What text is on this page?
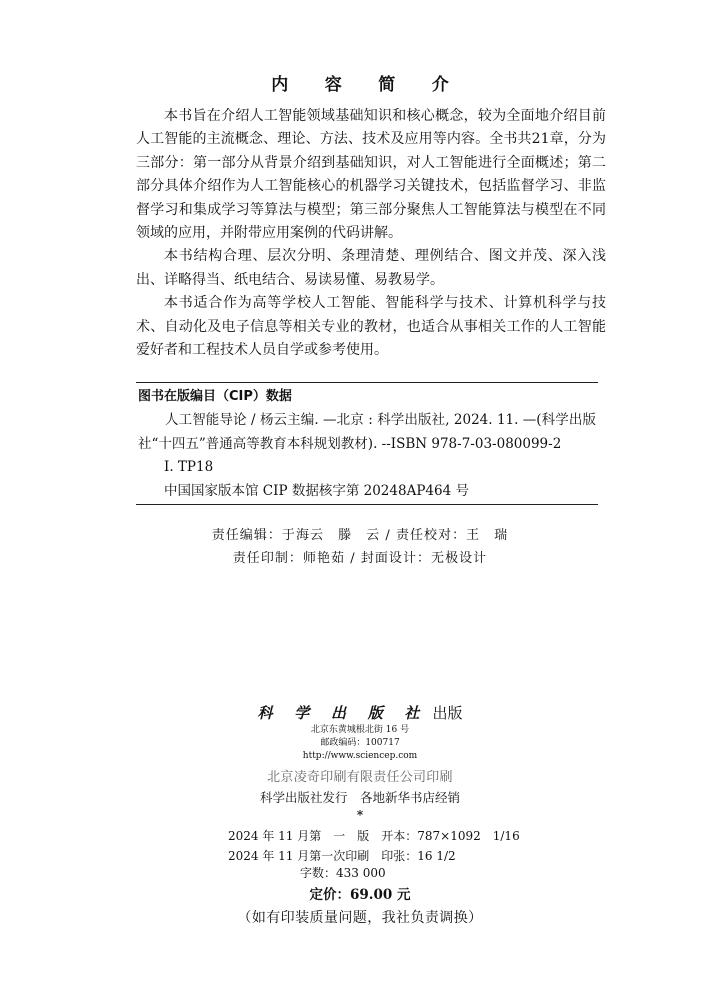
内 容 简 介

本书旨在介绍人工智能领域基础知识和核心概念，较为全面地介绍目前人工智能的主流概念、理论、方法、技术及应用等内容。全书共21章，分为三部分：第一部分从背景介绍到基础知识，对人工智能进行全面概述；第二部分具体介绍作为人工智能核心的机器学习关键技术，包括监督学习、非监督学习和集成学习等算法与模型；第三部分聚焦人工智能算法与模型在不同领域的应用，并附带应用案例的代码讲解。

本书结构合理、层次分明、条理清楚、理例结合、图文并茂、深入浅出、详略得当、纸电结合、易读易懂、易教易学。

本书适合作为高等学校人工智能、智能科学与技术、计算机科学与技术、自动化及电子信息等相关专业的教材，也适合从事相关工作的人工智能爱好者和工程技术人员自学或参考使用。

图书在版编目（CIP）数据
人工智能导论 / 杨云主编. —北京 : 科学出版社, 2024. 11. —(科学出版社“十四五”普通高等教育本科规划教材). --ISBN 978-7-03-080099-2
Ⅰ. TP18
中国国家版本馆 CIP 数据核字第 20248AP464 号
责任编辑：于海云　滕　云 / 责任校对：王　瑞
责任印制：师艳茹 / 封面设计：无极设计
科 学 出 版 社 出版
北京东黄城根北街 16 号
邮政编码：100717
http://www.sciencep.com
北京凌奇印刷有限责任公司印刷
科学出版社发行　各地新华书店经销
*
2024 年 11 月第　一　版　开本：787×1092　1/16
2024 年 11 月第一次印刷　印张：16 1/2
字数：433 000
定价：69.00 元
（如有印装质量问题，我社负责调换）
